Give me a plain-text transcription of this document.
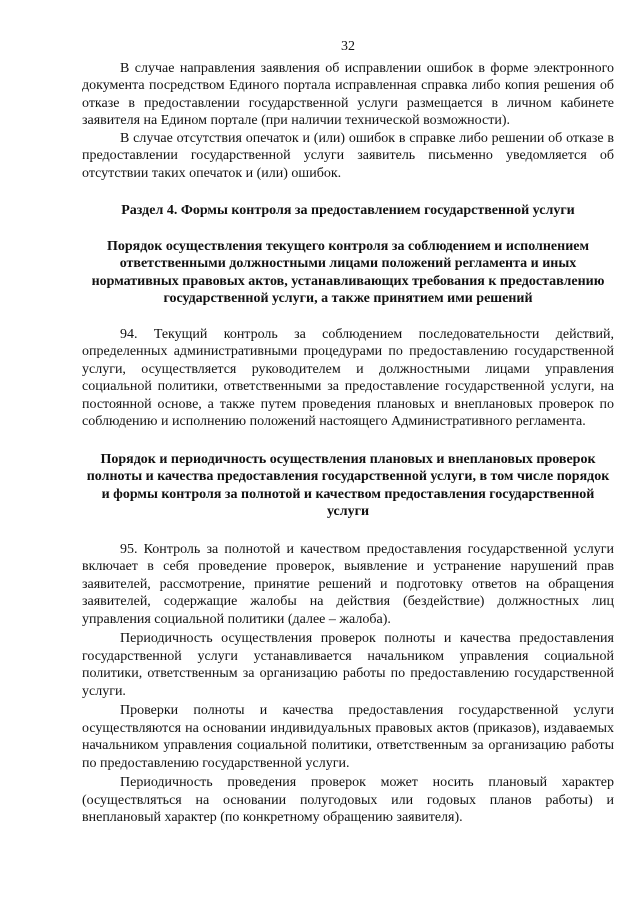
32

В случае направления заявления об исправлении ошибок в форме электронного документа посредством Единого портала исправленная справка либо копия решения об отказе в предоставлении государственной услуги размещается в личном кабинете заявителя на Едином портале (при наличии технической возможности).

В случае отсутствия опечаток и (или) ошибок в справке либо решении об отказе в предоставлении государственной услуги заявитель письменно уведомляется об отсутствии таких опечаток и (или) ошибок.

Раздел 4. Формы контроля за предоставлением государственной услуги

Порядок осуществления текущего контроля за соблюдением и исполнением ответственными должностными лицами положений регламента и иных нормативных правовых актов, устанавливающих требования к предоставлению государственной услуги, а также принятием ими решений

94. Текущий контроль за соблюдением последовательности действий, определенных административными процедурами по предоставлению государственной услуги, осуществляется руководителем и должностными лицами управления социальной политики, ответственными за предоставление государственной услуги, на постоянной основе, а также путем проведения плановых и внеплановых проверок по соблюдению и исполнению положений настоящего Административного регламента.

Порядок и периодичность осуществления плановых и внеплановых проверок полноты и качества предоставления государственной услуги, в том числе порядок и формы контроля за полнотой и качеством предоставления государственной услуги

95. Контроль за полнотой и качеством предоставления государственной услуги включает в себя проведение проверок, выявление и устранение нарушений прав заявителей, рассмотрение, принятие решений и подготовку ответов на обращения заявителей, содержащие жалобы на действия (бездействие) должностных лиц управления социальной политики (далее – жалоба).

Периодичность осуществления проверок полноты и качества предоставления государственной услуги устанавливается начальником управления социальной политики, ответственным за организацию работы по предоставлению государственной услуги.

Проверки полноты и качества предоставления государственной услуги осуществляются на основании индивидуальных правовых актов (приказов), издаваемых начальником управления социальной политики, ответственным за организацию работы по предоставлению государственной услуги.

Периодичность проведения проверок может носить плановый характер (осуществляться на основании полугодовых или годовых планов работы) и внеплановый характер (по конкретному обращению заявителя).
